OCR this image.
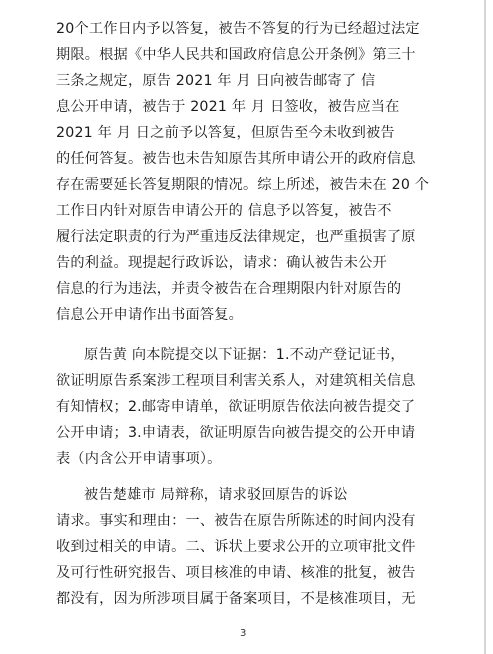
20个工作日内予以答复，被告不答复的行为已经超过法定
期限。根据《中华人民共和国政府信息公开条例》第三十
三条之规定，原告 2021 年 月 日向被告邮寄了 信
息公开申请，被告于 2021 年 月 日签收，被告应当在
2021 年 月 日之前予以答复，但原告至今未收到被告
的任何答复。被告也未告知原告其所申请公开的政府信息
存在需要延长答复期限的情况。综上所述，被告未在 20 个
工作日内针对原告申请公开的 信息予以答复，被告不
履行法定职责的行为严重违反法律规定，也严重损害了原
告的利益。现提起行政诉讼，请求：确认被告未公开
信息的行为违法，并责令被告在合理期限内针对原告的
信息公开申请作出书面答复。
原告黄 向本院提交以下证据：1.不动产登记证书，
欲证明原告系案涉工程项目利害关系人，对建筑相关信息
有知情权；2.邮寄申请单，欲证明原告依法向被告提交了
公开申请；3.申请表，欲证明原告向被告提交的公开申请
表（内含公开申请事项）。
被告楚雄市 局辩称，请求驳回原告的诉讼
请求。事实和理由：一、被告在原告所陈述的时间内没有
收到过相关的申请。二、诉状上要求公开的立项审批文件
及可行性研究报告、项目核准的申请、核准的批复，被告
都没有，因为所涉项目属于备案项目，不是核准项目，无
3
